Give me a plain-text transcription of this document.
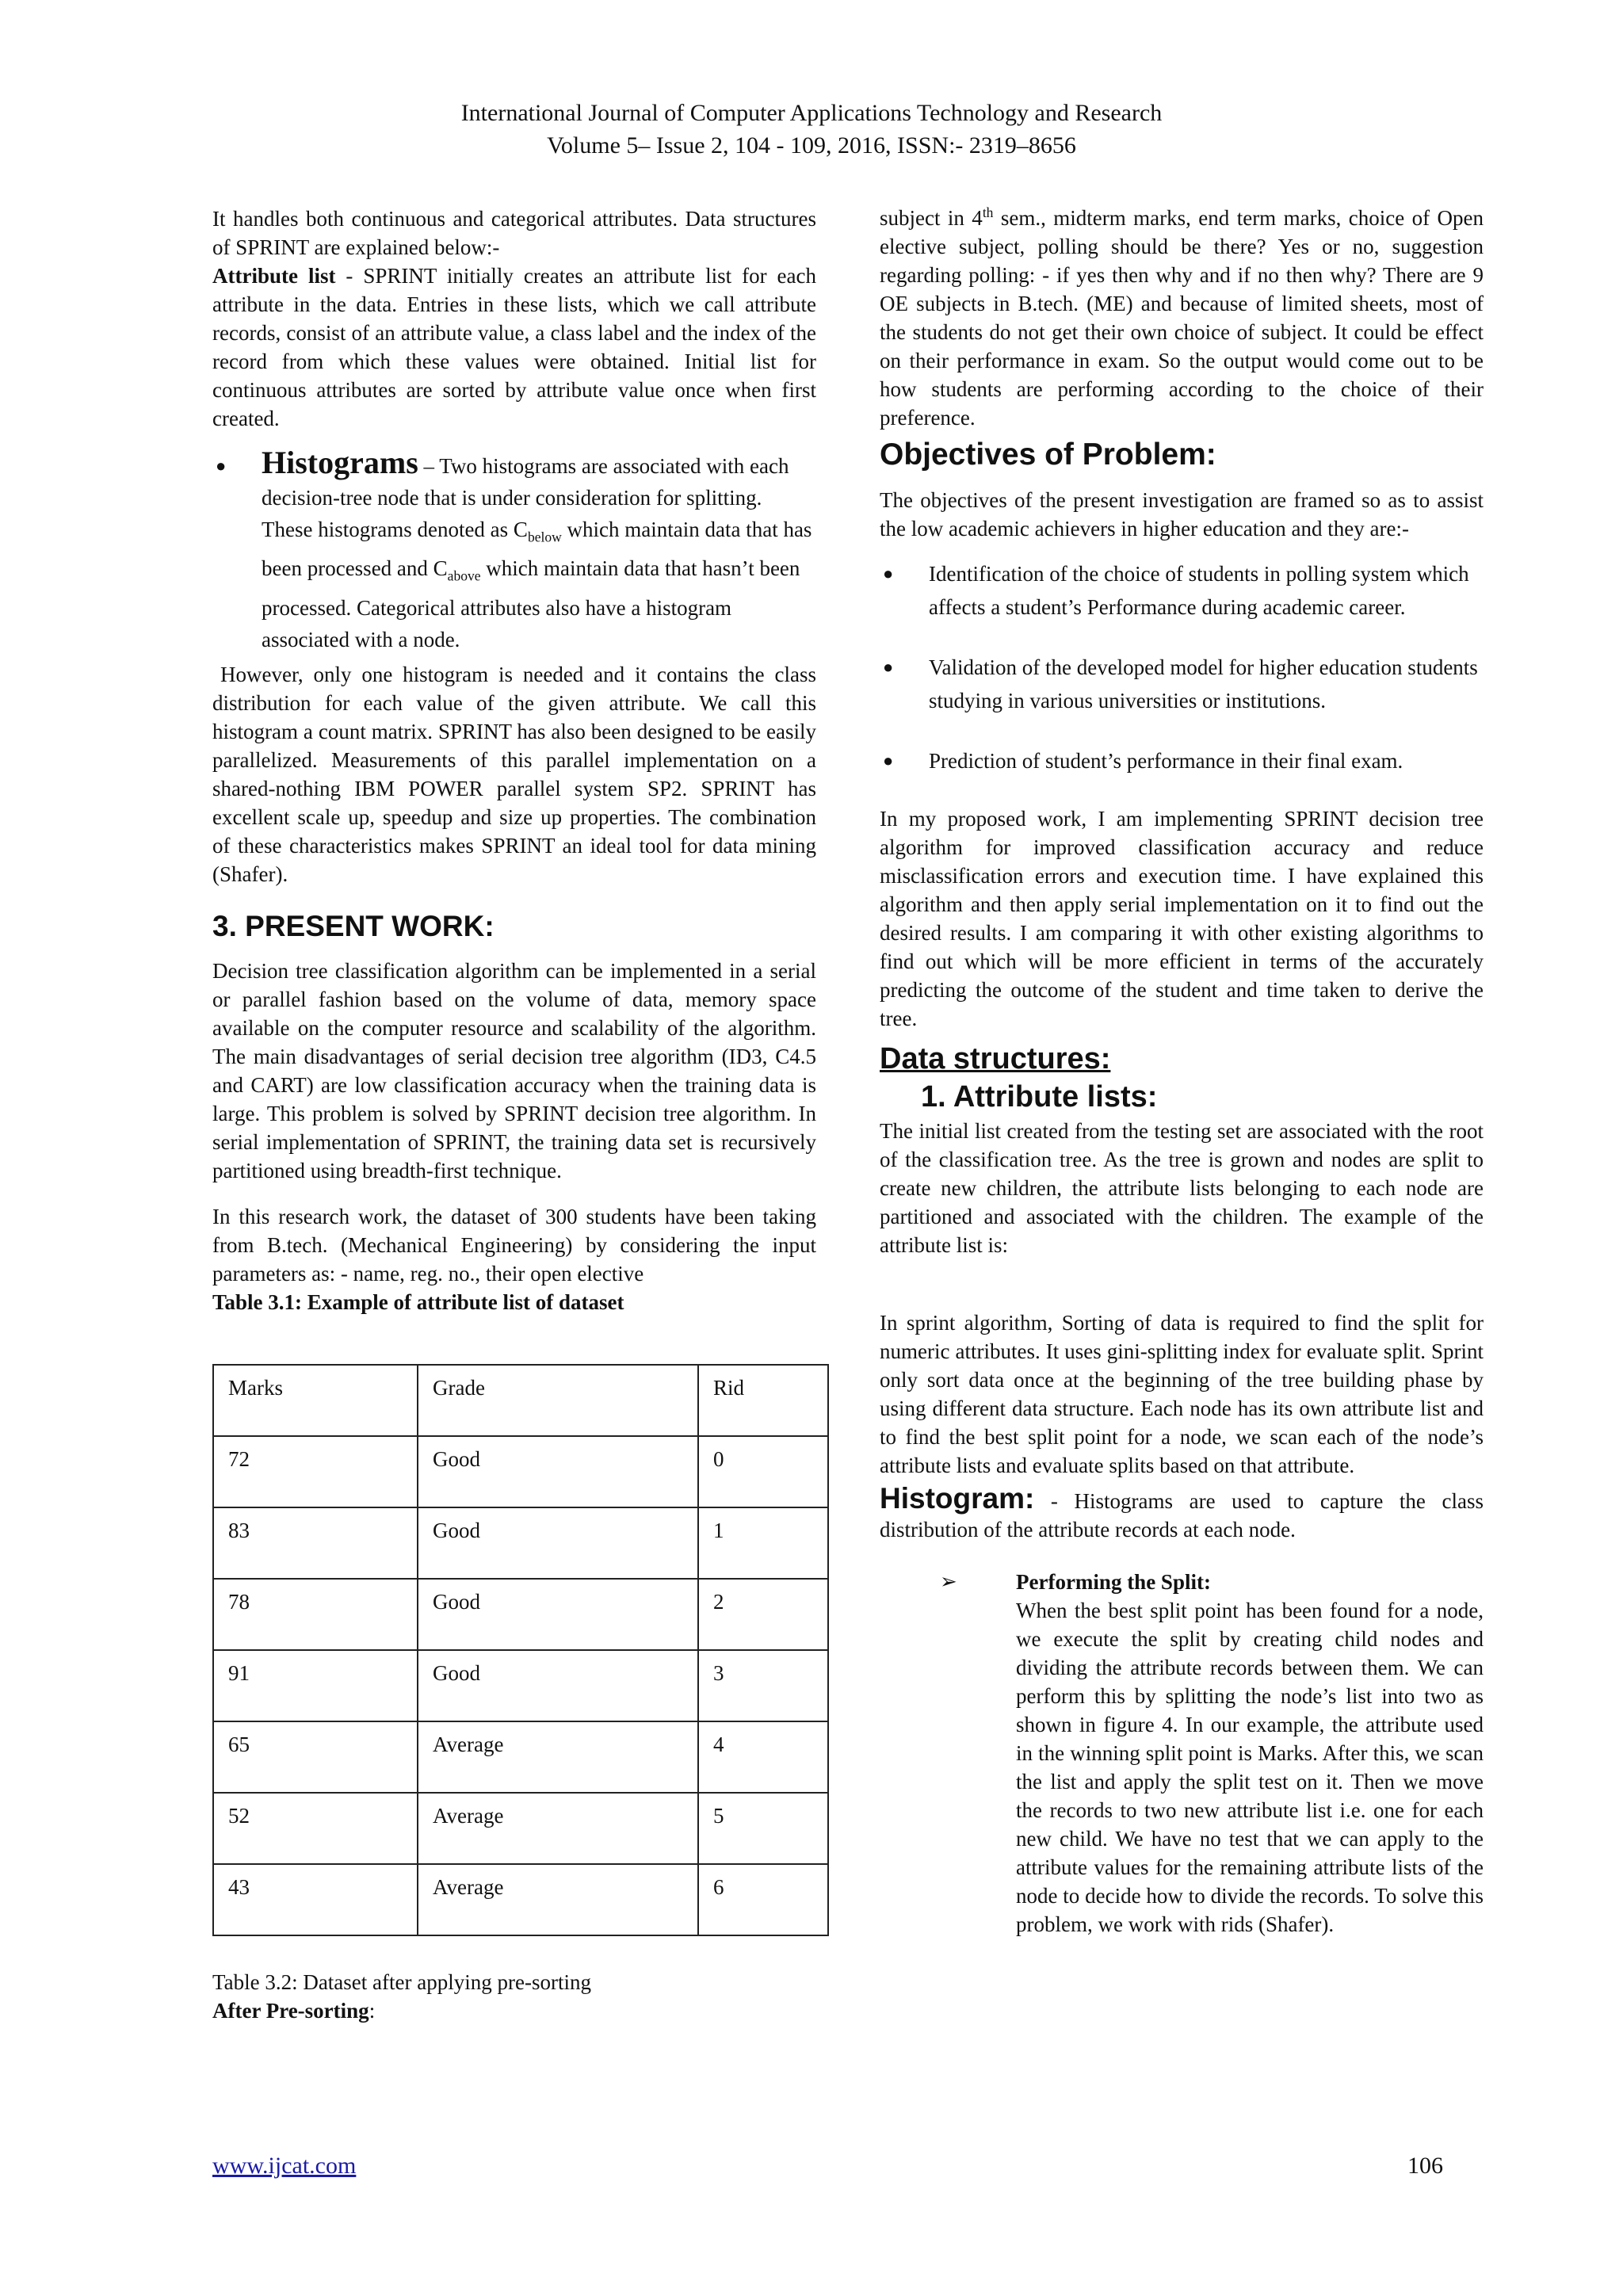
International Journal of Computer Applications Technology and Research
Volume 5– Issue 2, 104 - 109, 2016, ISSN:- 2319–8656

It handles both continuous and categorical attributes. Data structures of SPRINT are explained below:-

Attribute list - SPRINT initially creates an attribute list for each attribute in the data. Entries in these lists, which we call attribute records, consist of an attribute value, a class label and the index of the record from which these values were obtained. Initial list for continuous attributes are sorted by attribute value once when first created.

● Histograms – Two histograms are associated with each decision-tree node that is under consideration for splitting. These histograms denoted as $C_{below}$ which maintain data that has been processed and $C_{above}$ which maintain data that hasn’t been processed. Categorical attributes also have a histogram associated with a node.

However, only one histogram is needed and it contains the class distribution for each value of the given attribute. We call this histogram a count matrix. SPRINT has also been designed to be easily parallelized. Measurements of this parallel implementation on a shared-nothing IBM POWER parallel system SP2. SPRINT has excellent scale up, speedup and size up properties. The combination of these characteristics makes SPRINT an ideal tool for data mining (Shafer).

3. PRESENT WORK:

Decision tree classification algorithm can be implemented in a serial or parallel fashion based on the volume of data, memory space available on the computer resource and scalability of the algorithm. The main disadvantages of serial decision tree algorithm (ID3, C4.5 and CART) are low classification accuracy when the training data is large. This problem is solved by SPRINT decision tree algorithm. In serial implementation of SPRINT, the training data set is recursively partitioned using breadth-first technique.

In this research work, the dataset of 300 students have been taking from B.tech. (Mechanical Engineering) by considering the input parameters as: - name, reg. no., their open elective

Table 3.1: Example of attribute list of dataset

Marks	Grade	Rid
72	Good	0
83	Good	1
78	Good	2
91	Good	3
65	Average	4
52	Average	5
43	Average	6

Table 3.2: Dataset after applying pre-sorting

After Pre-sorting:

subject in 4th sem., midterm marks, end term marks, choice of Open elective subject, polling should be there? Yes or no, suggestion regarding polling: - if yes then why and if no then why? There are 9 OE subjects in B.tech. (ME) and because of limited sheets, most of the students do not get their own choice of subject. It could be effect on their performance in exam. So the output would come out to be how students are performing according to the choice of their preference.

Objectives of Problem:

The objectives of the present investigation are framed so as to assist the low academic achievers in higher education and they are:-

● Identification of the choice of students in polling system which affects a student’s Performance during academic career.
● Validation of the developed model for higher education students studying in various universities or institutions.
● Prediction of student’s performance in their final exam.

In my proposed work, I am implementing SPRINT decision tree algorithm for improved classification accuracy and reduce misclassification errors and execution time. I have explained this algorithm and then apply serial implementation on it to find out the desired results. I am comparing it with other existing algorithms to find out which will be more efficient in terms of the accurately predicting the outcome of the student and time taken to derive the tree.

Data structures:
1. Attribute lists:

The initial list created from the testing set are associated with the root of the classification tree. As the tree is grown and nodes are split to create new children, the attribute lists belonging to each node are partitioned and associated with the children. The example of the attribute list is:

In sprint algorithm, Sorting of data is required to find the split for numeric attributes. It uses gini-splitting index for evaluate split. Sprint only sort data once at the beginning of the tree building phase by using different data structure. Each node has its own attribute list and to find the best split point for a node, we scan each of the node’s attribute lists and evaluate splits based on that attribute.

Histogram: - Histograms are used to capture the class distribution of the attribute records at each node.

➢	Performing the Split:

When the best split point has been found for a node, we execute the split by creating child nodes and dividing the attribute records between them. We can perform this by splitting the node’s list into two as shown in figure 4. In our example, the attribute used in the winning split point is Marks. After this, we scan the list and apply the split test on it. Then we move the records to two new attribute list i.e. one for each new child. We have no test that we can apply to the attribute values for the remaining attribute lists of the node to decide how to divide the records. To solve this problem, we work with rids (Shafer).

www.ijcat.com	106
